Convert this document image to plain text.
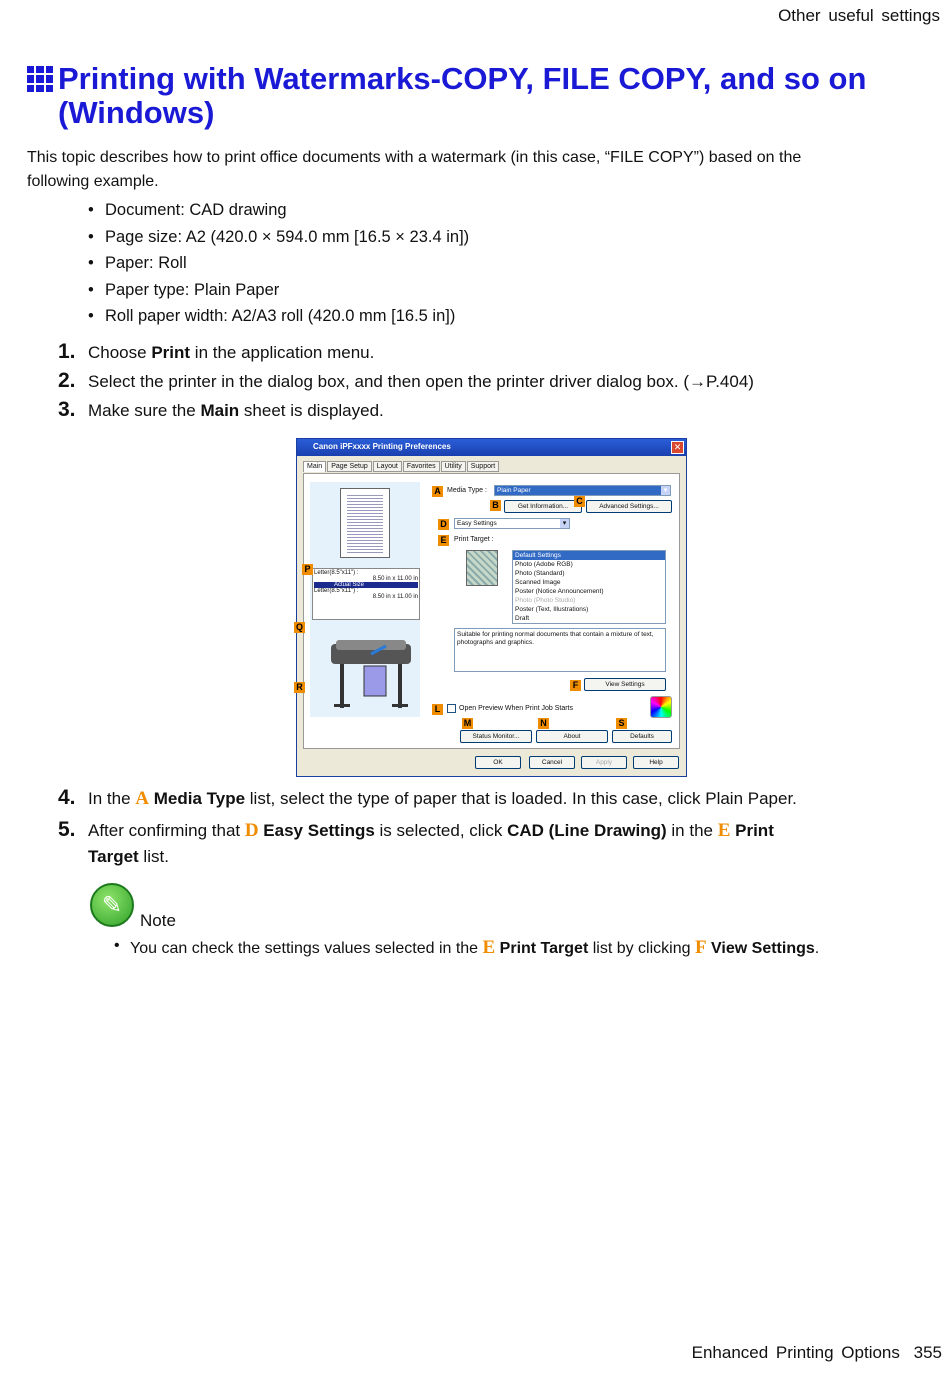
Other useful settings
Printing with Watermarks-COPY, FILE COPY, and so on (Windows)

This topic describes how to print office documents with a watermark (in this case, “FILE COPY”) based on the following example.

• Document: CAD drawing
• Page size: A2 (420.0 × 594.0 mm [16.5 × 23.4 in])
• Paper: Roll
• Paper type: Plain Paper
• Roll paper width: A2/A3 roll (420.0 mm [16.5 in])
1. Choose Print in the application menu.
2. Select the printer in the dialog box, and then open the printer driver dialog box. (→P.404)
3. Make sure the Main sheet is displayed.
Canon iPFxxxx Printing Preferences	✕
Main	Page Setup	Layout	Favorites	Utility	Support
Letter(8.5"x11") :
8.50 in x 11.00 in
Actual Size
Letter(8.5"x11") :
8.50 in x 11.00 in
A Media Type :	Plain Paper ▾
B	Get Information...
C
Advanced Settings...
D	Easy Settings ▾
E	Print Target :
Default Settings
Photo (Adobe RGB)
Photo (Standard)
Scanned Image
Poster (Notice Announcement)
Photo (Photo Studio)
Poster (Text, Illustrations)
Draft
Suitable for printing normal documents that contain a mixture of text, photographs and graphics.
F	View Settings
L	Open Preview When Print Job Starts
M	N	S
Status Monitor...	About	Defaults
P
Q
R
OK	Cancel	Apply	Help
4. In the A Media Type list, select the type of paper that is loaded. In this case, click Plain Paper.
5. After confirming that D Easy Settings is selected, click CAD (Line Drawing) in the E Print
Target list.
✎
Note
• You can check the settings values selected in the E Print Target list by clicking F View Settings.
Enhanced Printing Options 355
